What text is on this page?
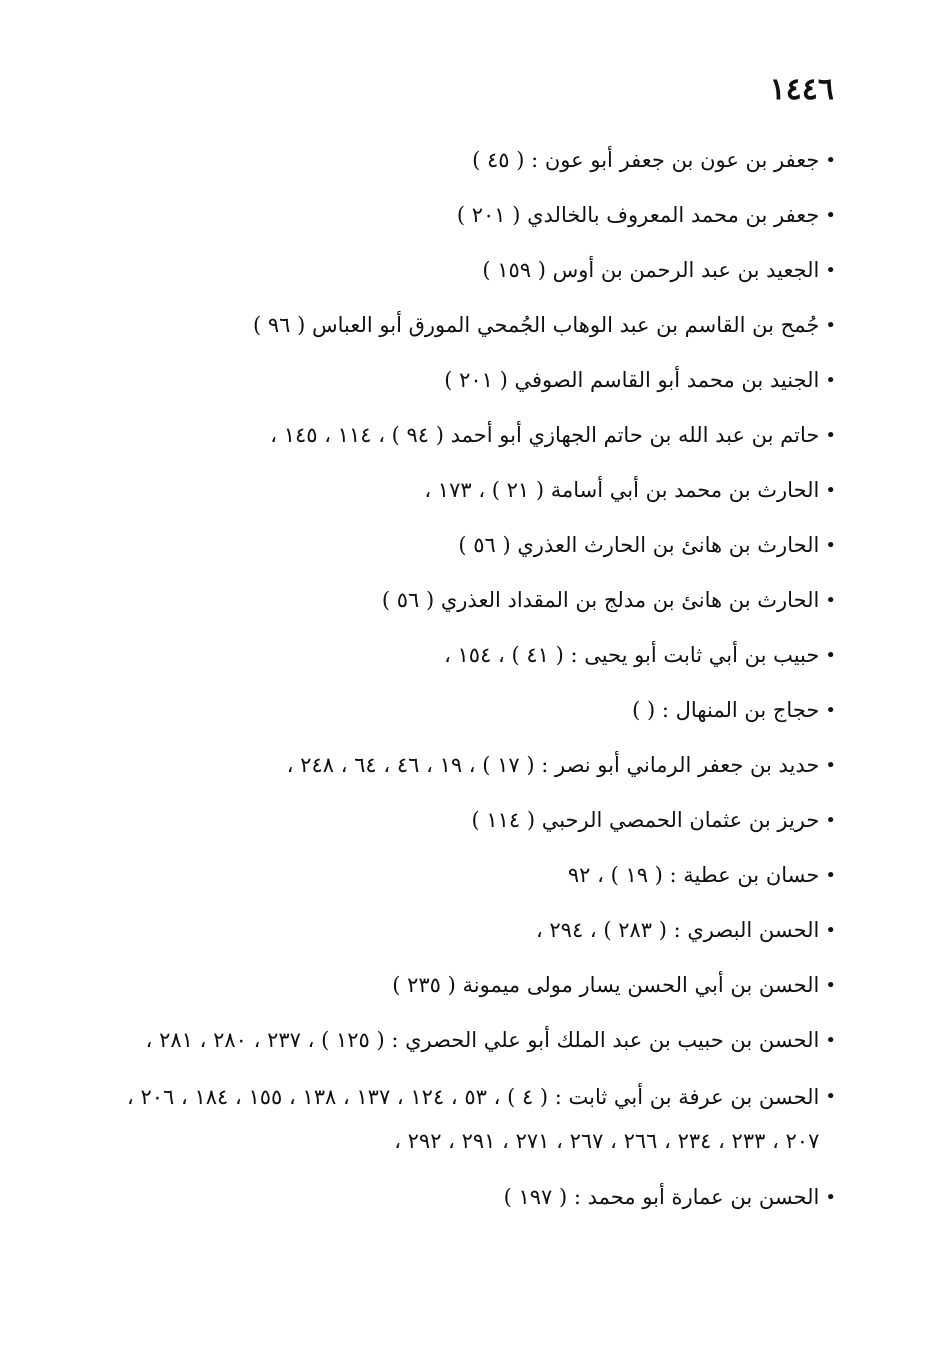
١٤٤٦
•
جعفر بن عون بن جعفر أبو عون : ( ٤٥ )
•
جعفر بن محمد المعروف بالخالدي ( ٢٠١ )
•
الجعيد بن عبد الرحمن بن أوس ( ١٥٩ )
•
جُمح بن القاسم بن عبد الوهاب الجُمحي المورق أبو العباس ( ٩٦ )
•
الجنيد بن محمد أبو القاسم الصوفي ( ٢٠١ )
•
حاتم بن عبد الله بن حاتم الجهازي أبو أحمد ( ٩٤ ) ، ١١٤ ، ١٤٥ ،
•
الحارث بن محمد بن أبي أسامة ( ٢١ ) ، ١٧٣ ،
•
الحارث بن هانئ بن الحارث العذري ( ٥٦ )
•
الحارث بن هانئ بن مدلج بن المقداد العذري ( ٥٦ )
•
حبيب بن أبي ثابت أبو يحيى : ( ٤١ ) ، ١٥٤ ،
•
حجاج بن المنهال : ( )
•
حديد بن جعفر الرماني أبو نصر : ( ١٧ ) ، ١٩ ، ٤٦ ، ٦٤ ، ٢٤٨ ،
•
حريز بن عثمان الحمصي الرحبي ( ١١٤ )
•
حسان بن عطية : ( ١٩ ) ، ٩٢
•
الحسن البصري : ( ٢٨٣ ) ، ٢٩٤ ،
•
الحسن بن أبي الحسن يسار مولى ميمونة ( ٢٣٥ )
•
الحسن بن حبيب بن عبد الملك أبو علي الحصري : ( ١٢٥ ) ، ٢٣٧ ، ٢٨٠ ، ٢٨١ ،
•
الحسن بن عرفة بن أبي ثابت : ( ٤ ) ، ٥٣ ، ١٢٤ ، ١٣٧ ، ١٣٨ ، ١٥٥ ، ١٨٤ ، ٢٠٦ ، ٢٠٧ ، ٢٣٣ ، ٢٣٤ ، ٢٦٦ ، ٢٦٧ ، ٢٧١ ، ٢٩١ ، ٢٩٢ ،
•
الحسن بن عمارة أبو محمد : ( ١٩٧ )
